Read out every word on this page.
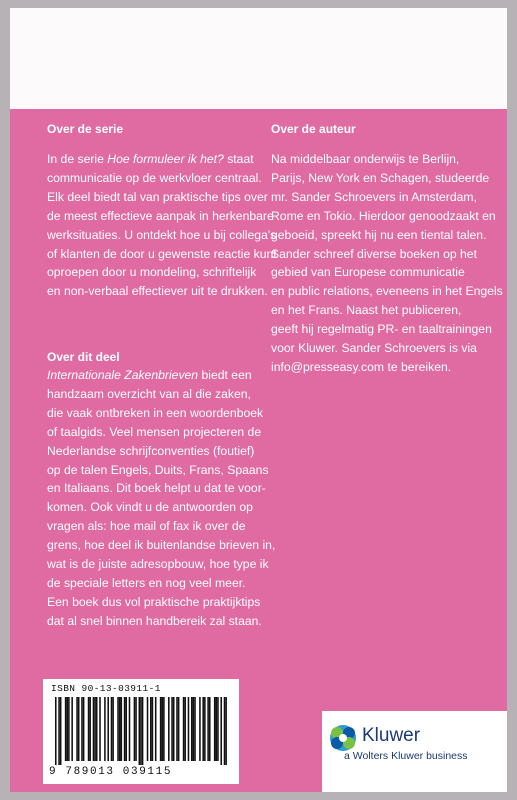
Over de serie
In de serie Hoe formuleer ik het? staat
communicatie op de werkvloer centraal.
Elk deel biedt tal van praktische tips over
de meest effectieve aanpak in herkenbare
werksituaties. U ontdekt hoe u bij collega's
of klanten de door u gewenste reactie kunt
oproepen door u mondeling, schriftelijk
en non-verbaal effectiever uit te drukken.
Over dit deel
Internationale Zakenbrieven biedt een
handzaam overzicht van al die zaken,
die vaak ontbreken in een woordenboek
of taalgids. Veel mensen projecteren de
Nederlandse schrijfconventies (foutief)
op de talen Engels, Duits, Frans, Spaans
en Italiaans. Dit boek helpt u dat te voor-
komen. Ook vindt u de antwoorden op
vragen als: hoe mail of fax ik over de
grens, hoe deel ik buitenlandse brieven in,
wat is de juiste adresopbouw, hoe type ik
de speciale letters en nog veel meer.
Een boek dus vol praktische praktijktips
dat al snel binnen handbereik zal staan.
Over de auteur
Na middelbaar onderwijs te Berlijn,
Parijs, New York en Schagen, studeerde
mr. Sander Schroevers in Amsterdam,
Rome en Tokio. Hierdoor genoodzaakt en
geboeid, spreekt hij nu een tiental talen.
Sander schreef diverse boeken op het
gebied van Europese communicatie
en public relations, eveneens in het Engels
en het Frans. Naast het publiceren,
geeft hij regelmatig PR- en taaltrainingen
voor Kluwer. Sander Schroevers is via
info@presseasy.com te bereiken.
ISBN 90-13-03911-1
9 789013 039115
Kluwer
a Wolters Kluwer business
